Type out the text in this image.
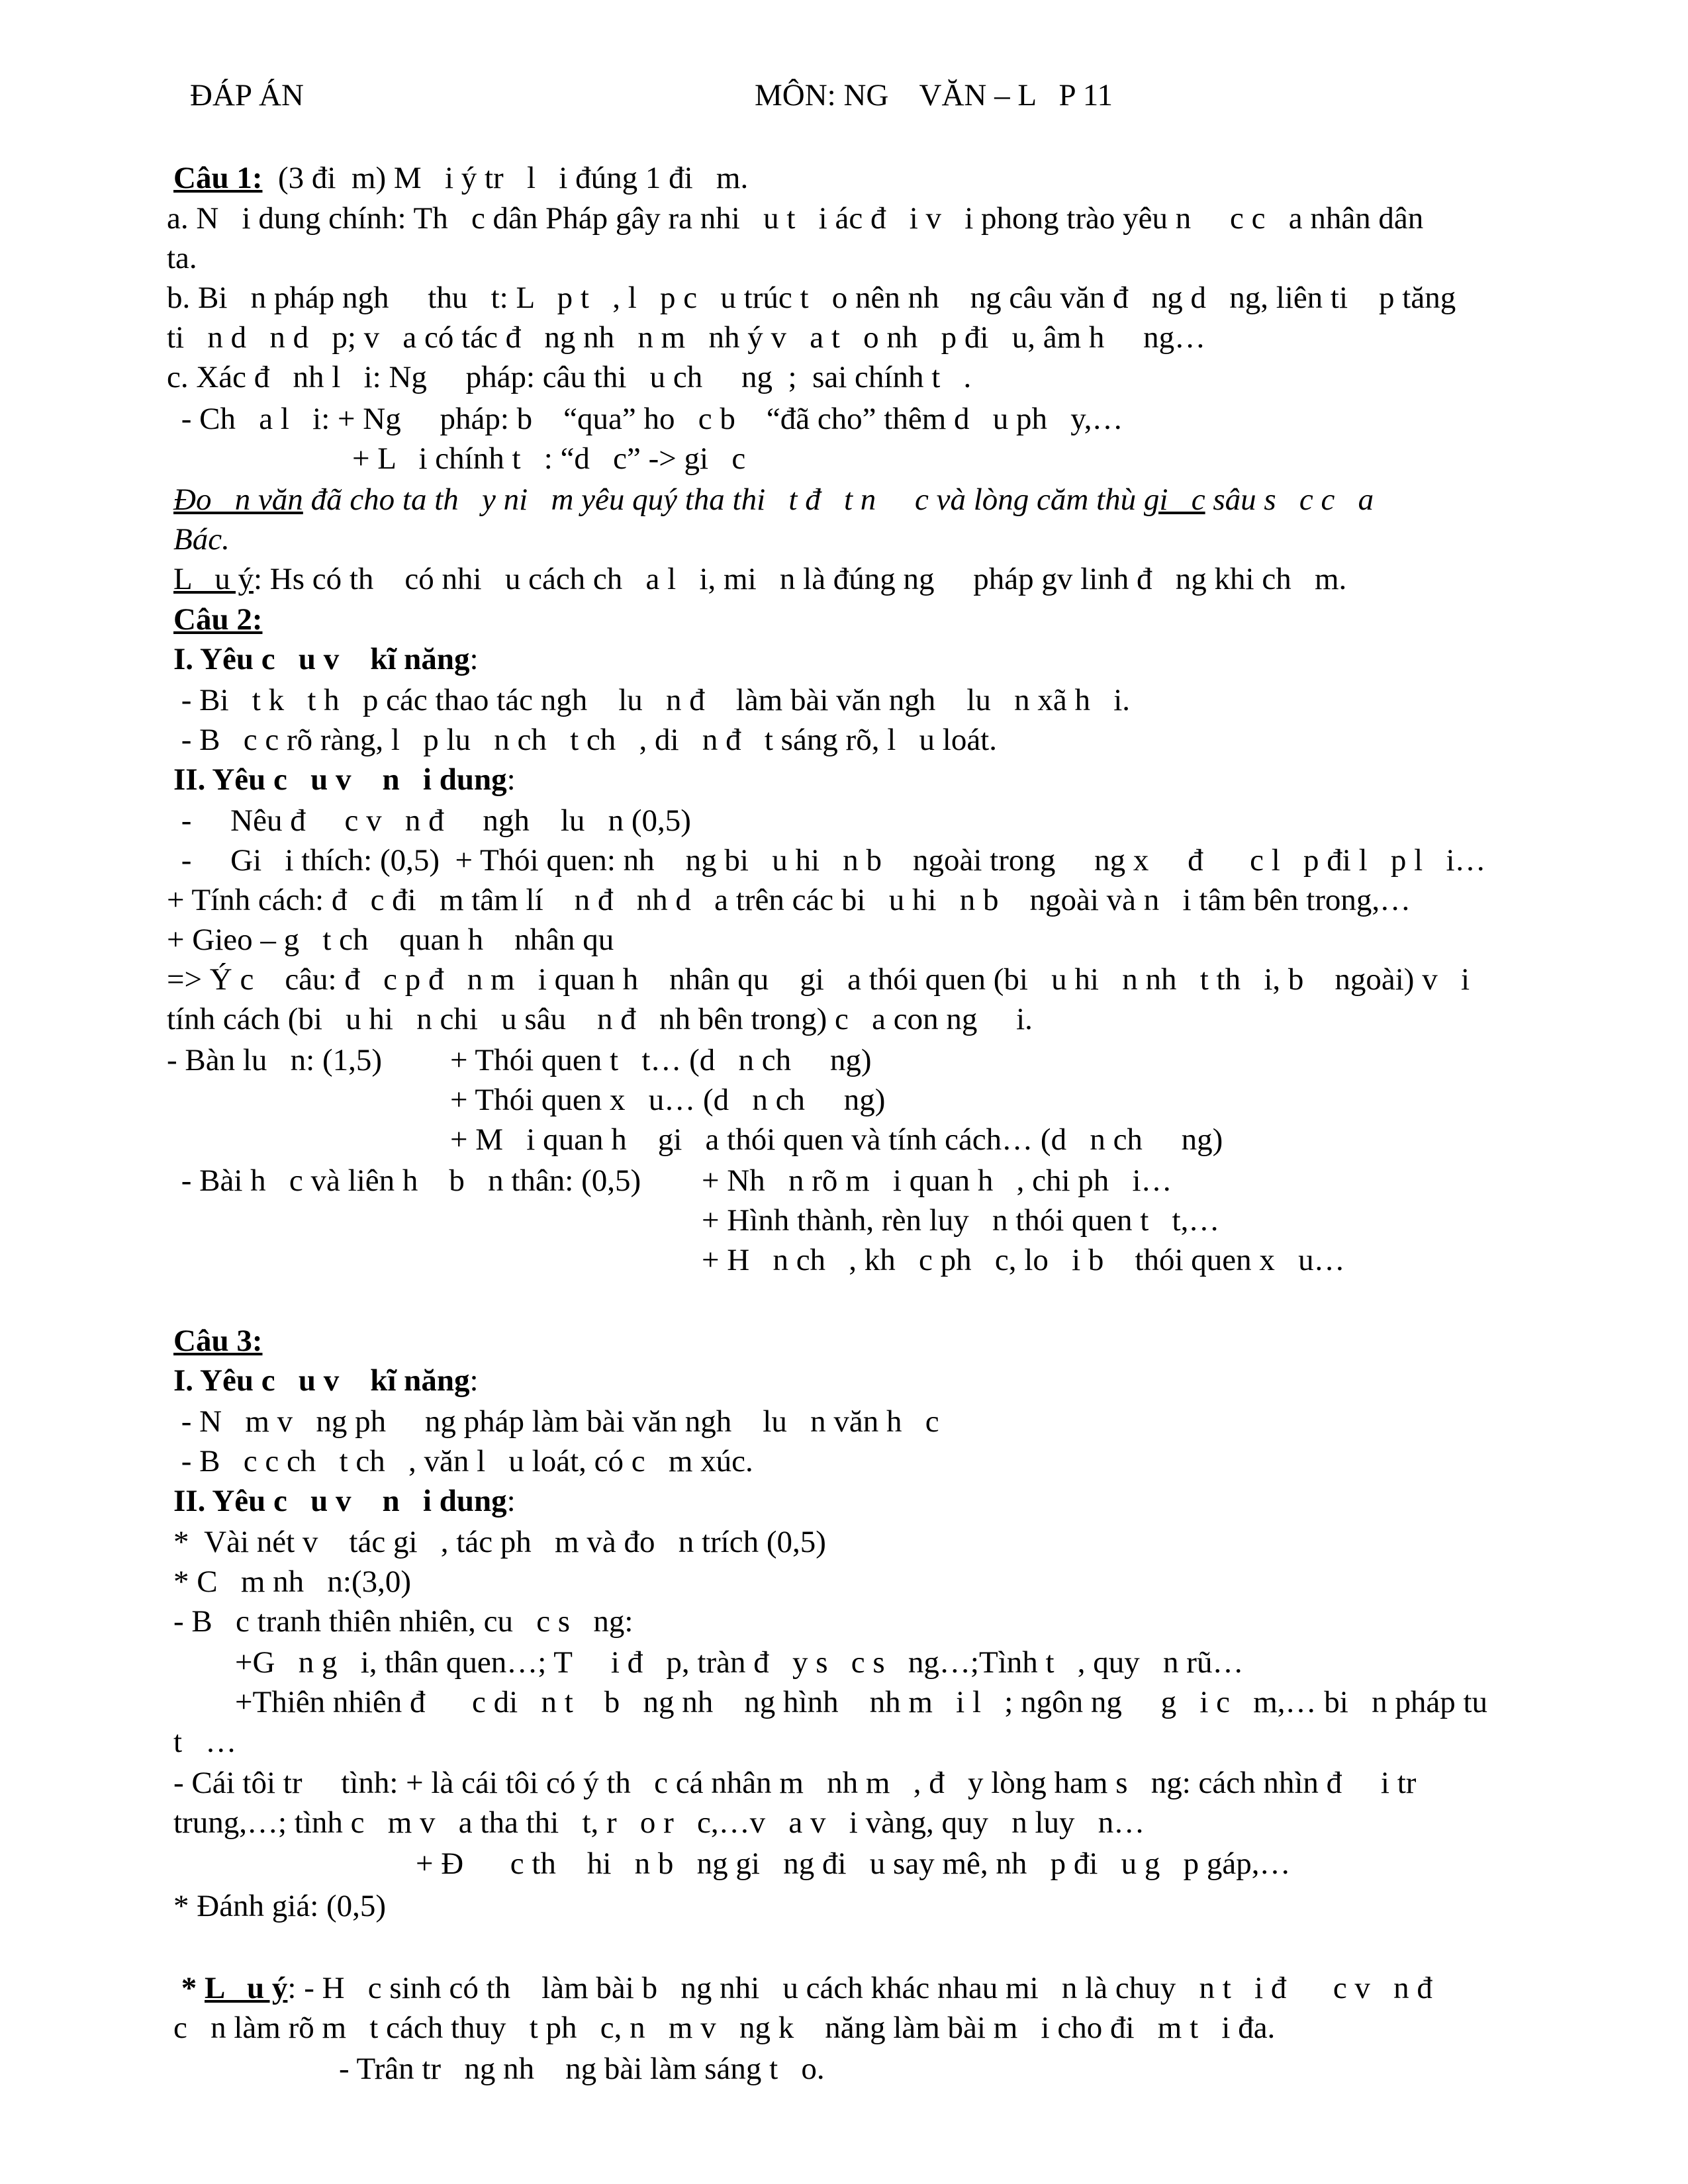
ĐÁP ÁN	MÔN: NG    VĂN – L   P 11
Câu 1:  (3 đi  m) M   i ý tr   l   i đúng 1 đi   m.
a. N   i dung chính: Th   c dân Pháp gây ra nhi   u t   i ác đ   i v   i phong trào yêu n     c c   a nhân dân
ta.
b. Bi   n pháp ngh     thu   t: L   p t   , l   p c   u trúc t   o nên nh    ng câu văn đ   ng d   ng, liên ti    p tăng
ti   n d   n d   p; v   a có tác đ   ng nh   n m   nh ý v   a t   o nh   p đi   u, âm h     ng…
c. Xác đ   nh l   i: Ng     pháp: câu thi   u ch     ng  ;  sai chính t   .
- Ch   a l   i: + Ng     pháp: b    “qua” ho   c b    “đã cho” thêm d   u ph   y,…
+ L   i chính t   : “d   c” -> gi   c
Đo   n văn đã cho ta th   y ni   m yêu quý tha thi   t đ   t n     c và lòng căm thù gi   c sâu s   c c   a
Bác.
L   u ý: Hs có th    có nhi   u cách ch   a l   i, mi   n là đúng ng     pháp gv linh đ   ng khi ch   m.
Câu 2:
I. Yêu c   u v    kĩ năng:
- Bi   t k   t h   p các thao tác ngh    lu   n đ    làm bài văn ngh    lu   n xã h   i.
- B   c c rõ ràng, l   p lu   n ch   t ch   , di   n đ   t sáng rõ, l   u loát.
II. Yêu c   u v    n   i dung:
-     Nêu đ     c v   n đ     ngh    lu   n (0,5)
-     Gi   i thích: (0,5)  + Thói quen: nh    ng bi   u hi   n b    ngoài trong     ng x     đ      c l   p đi l   p l   i…
+ Tính cách: đ   c đi   m tâm lí    n đ   nh d   a trên các bi   u hi   n b    ngoài và n   i tâm bên trong,…
+ Gieo – g   t ch    quan h    nhân qu
=> Ý c    câu: đ   c p đ   n m   i quan h    nhân qu    gi   a thói quen (bi   u hi   n nh   t th   i, b    ngoài) v   i
tính cách (bi   u hi   n chi   u sâu    n đ   nh bên trong) c   a con ng     i.
- Bàn lu   n: (1,5) + Thói quen t   t… (d   n ch     ng)
+ Thói quen x   u… (d   n ch     ng)
+ M   i quan h    gi   a thói quen và tính cách… (d   n ch     ng)
- Bài h   c và liên h    b   n thân: (0,5) + Nh   n rõ m   i quan h   , chi ph   i…
+ Hình thành, rèn luy   n thói quen t   t,…
+ H   n ch   , kh   c ph   c, lo   i b    thói quen x   u…
Câu 3:
I. Yêu c   u v    kĩ năng:
- N   m v   ng ph     ng pháp làm bài văn ngh    lu   n văn h   c
- B   c c ch   t ch   , văn l   u loát, có c   m xúc.
II. Yêu c   u v    n   i dung:
*  Vài nét v    tác gi   , tác ph   m và đo   n trích (0,5)
* C   m nh   n:(3,0)
- B   c tranh thiên nhiên, cu   c s   ng:
+G   n g   i, thân quen…; T     i đ   p, tràn đ   y s   c s   ng…;Tình t   , quy   n rũ…
+Thiên nhiên đ      c di   n t    b   ng nh    ng hình    nh m   i l   ; ngôn ng     g   i c   m,… bi   n pháp tu
t   …
- Cái tôi tr     tình: + là cái tôi có ý th   c cá nhân m   nh m   , đ   y lòng ham s   ng: cách nhìn đ     i tr
trung,…; tình c   m v   a tha thi   t, r   o r   c,…v   a v   i vàng, quy   n luy   n…
+ Đ      c th    hi   n b   ng gi   ng đi   u say mê, nh   p đi   u g   p gáp,…
* Đánh giá: (0,5)
* L   u ý: - H   c sinh có th    làm bài b   ng nhi   u cách khác nhau mi   n là chuy   n t   i đ      c v   n đ
c   n làm rõ m   t cách thuy   t ph   c, n   m v   ng k    năng làm bài m   i cho đi   m t   i đa.
- Trân tr   ng nh    ng bài làm sáng t   o.
